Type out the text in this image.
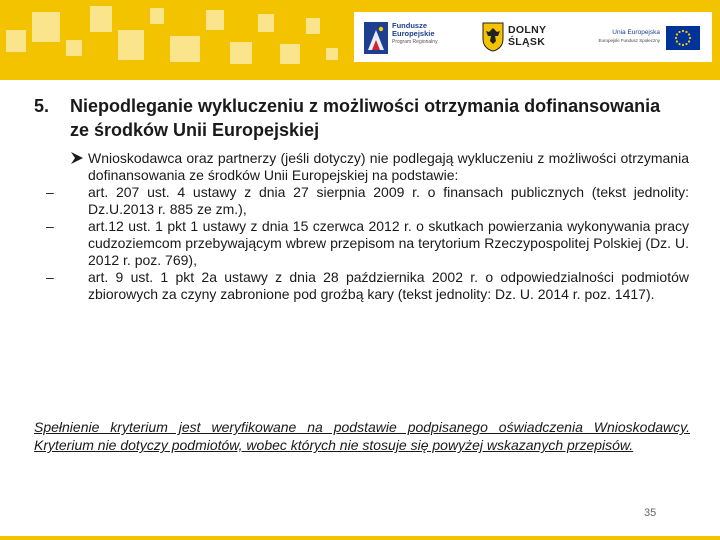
Fundusze
Europejskie
Program Regionalny
DOLNY
ŚLĄSK
Unia Europejska
Europejski Fundusz Społeczny
5. Niepodleganie wykluczeniu z możliwości otrzymania dofinansowania ze środków Unii Europejskiej
Wnioskodawca oraz partnerzy (jeśli dotyczy) nie podlegają wykluczeniu z możliwości otrzymania dofinansowania ze środków Unii Europejskiej na podstawie:
–	art. 207 ust. 4 ustawy z dnia 27 sierpnia 2009 r. o finansach publicznych (tekst jednolity: Dz.U.2013 r. 885 ze zm.),
–	art.12 ust. 1 pkt 1 ustawy z dnia 15 czerwca 2012 r. o skutkach powierzania wykonywania pracy cudzoziemcom przebywającym wbrew przepisom na terytorium Rzeczypospolitej Polskiej (Dz. U. 2012 r. poz. 769),
–	art. 9 ust. 1 pkt 2a ustawy z dnia 28 października 2002 r. o odpowiedzialności podmiotów zbiorowych za czyny zabronione pod groźbą kary (tekst jednolity: Dz. U. 2014 r. poz. 1417).
Spełnienie kryterium jest weryfikowane na podstawie podpisanego oświadczenia Wnioskodawcy. Kryterium nie dotyczy podmiotów, wobec których nie stosuje się powyżej wskazanych przepisów.
35
